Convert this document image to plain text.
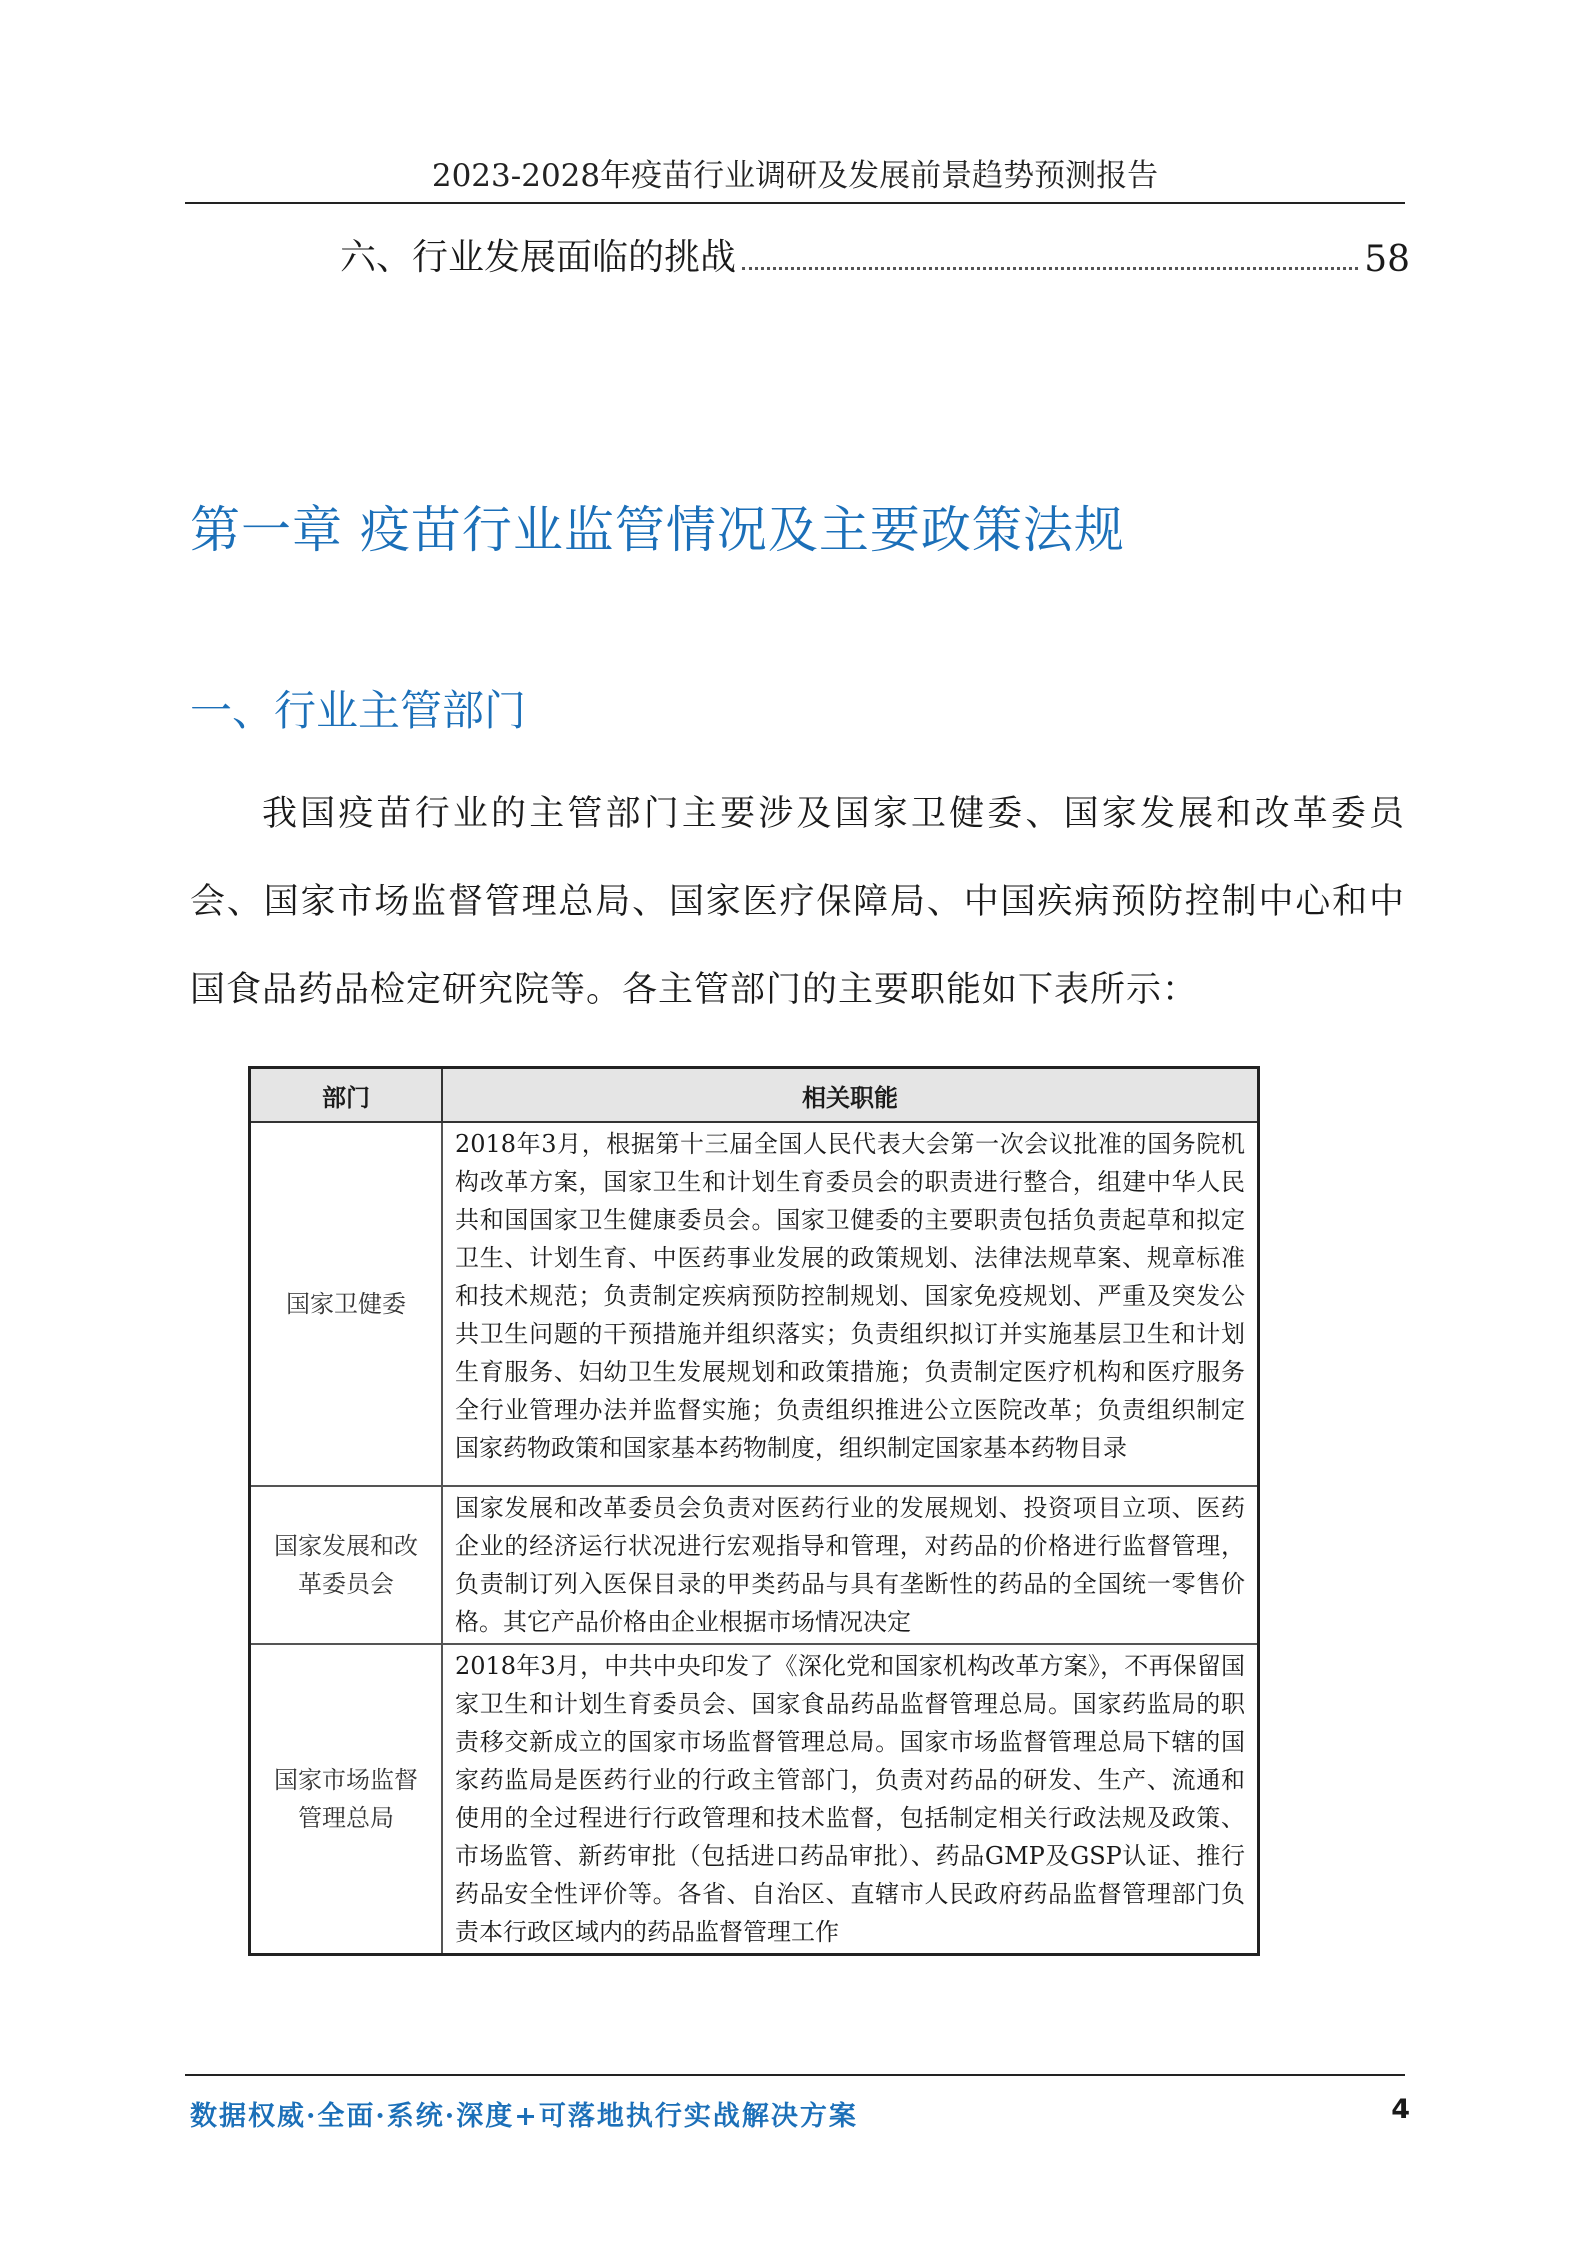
2023-2028年疫苗行业调研及发展前景趋势预测报告
六、行业发展面临的挑战	58
第一章 疫苗行业监管情况及主要政策法规
一、行业主管部门

我国疫苗行业的主管部门主要涉及国家卫健委、国家发展和改革委员会、国家市场监督管理总局、国家医疗保障局、中国疾病预防控制中心和中国食品药品检定研究院等。各主管部门的主要职能如下表所示：

部门	相关职能
国家卫健委	2018年3月，根据第十三届全国人民代表大会第一次会议批准的国务院机构改革方案，国家卫生和计划生育委员会的职责进行整合，组建中华人民共和国国家卫生健康委员会。国家卫健委的主要职责包括负责起草和拟定卫生、计划生育、中医药事业发展的政策规划、法律法规草案、规章标准和技术规范；负责制定疾病预防控制规划、国家免疫规划、严重及突发公共卫生问题的干预措施并组织落实；负责组织拟订并实施基层卫生和计划生育服务、妇幼卫生发展规划和政策措施；负责制定医疗机构和医疗服务全行业管理办法并监督实施；负责组织推进公立医院改革；负责组织制定国家药物政策和国家基本药物制度，组织制定国家基本药物目录
国家发展和改革委员会	国家发展和改革委员会负责对医药行业的发展规划、投资项目立项、医药企业的经济运行状况进行宏观指导和管理，对药品的价格进行监督管理，负责制订列入医保目录的甲类药品与具有垄断性的药品的全国统一零售价格。其它产品价格由企业根据市场情况决定
国家市场监督管理总局	2018年3月，中共中央印发了《深化党和国家机构改革方案》，不再保留国家卫生和计划生育委员会、国家食品药品监督管理总局。国家药监局的职责移交新成立的国家市场监督管理总局。国家市场监督管理总局下辖的国家药监局是医药行业的行政主管部门，负责对药品的研发、生产、流通和使用的全过程进行行政管理和技术监督，包括制定相关行政法规及政策、市场监管、新药审批（包括进口药品审批）、药品GMP及GSP认证、推行药品安全性评价等。各省、自治区、直辖市人民政府药品监督管理部门负责本行政区域内的药品监督管理工作
数据权威·全面·系统·深度+可落地执行实战解决方案	4
